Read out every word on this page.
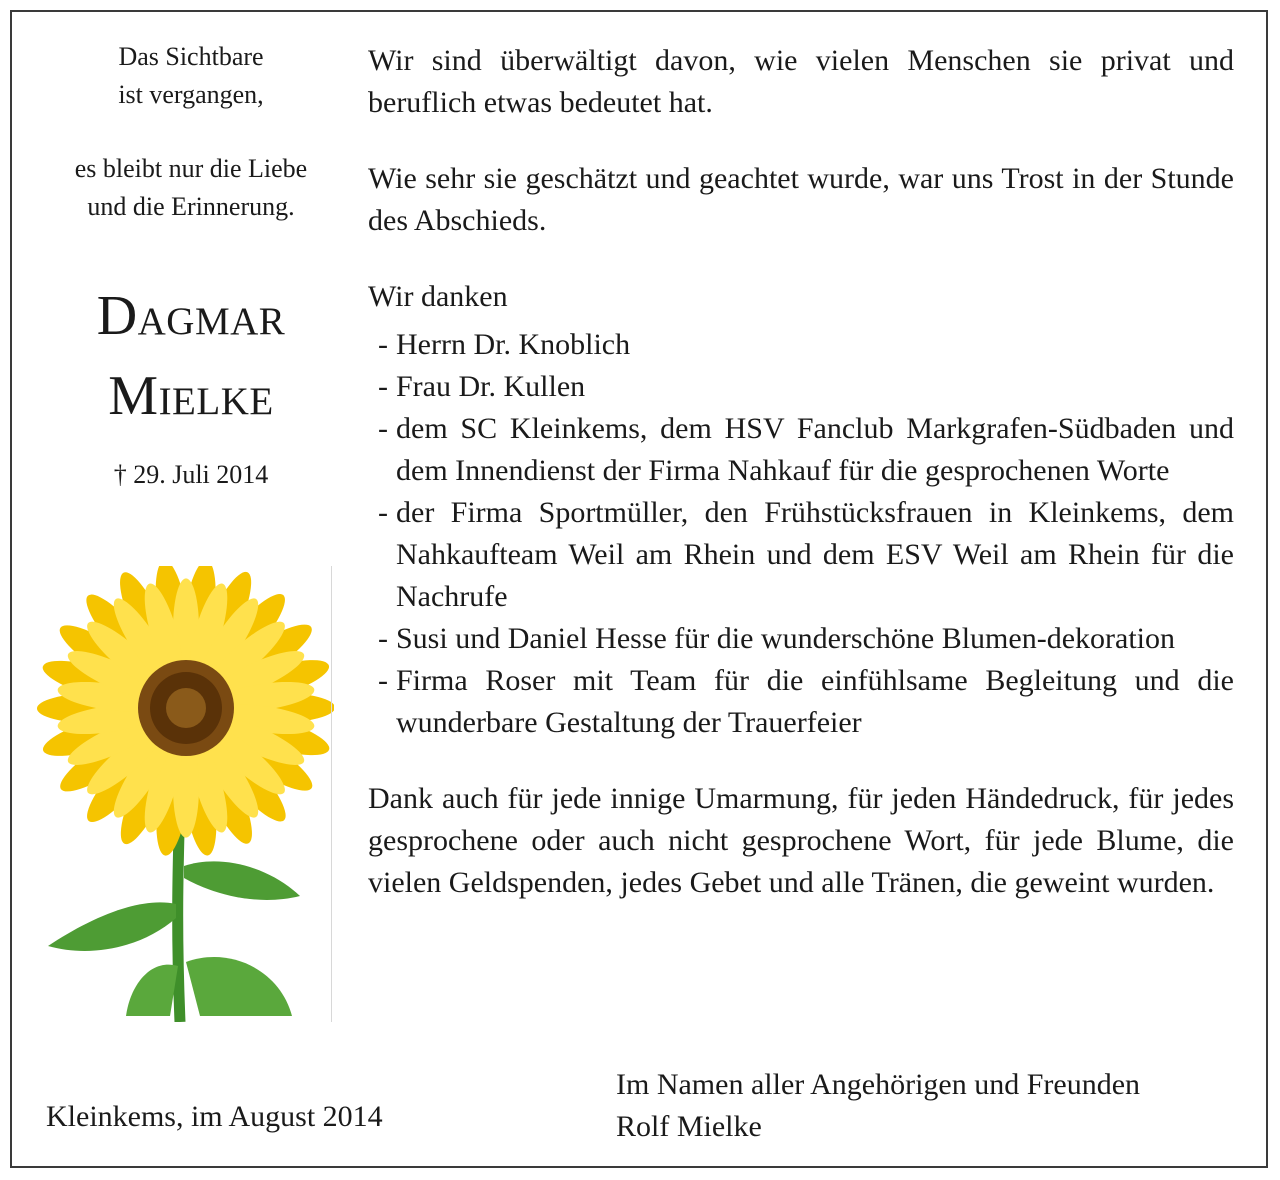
Das Sichtbare
ist vergangen,

es bleibt nur die Liebe
und die Erinnerung.

Dagmar
Mielke
† 29. Juli 2014
Kleinkems, im August 2014

Wir sind überwältigt davon, wie vielen Menschen sie privat und beruflich etwas bedeutet hat.

Wie sehr sie geschätzt und geachtet wurde, war uns Trost in der Stunde des Abschieds.

Wir danken

- Herrn Dr. Knoblich
- Frau Dr. Kullen
- dem SC Kleinkems, dem HSV Fanclub Markgrafen-Südbaden und dem Innendienst der Firma Nahkauf für die gesprochenen Worte
- der Firma Sportmüller, den Frühstücksfrauen in Kleinkems, dem Nahkaufteam Weil am Rhein und dem ESV Weil am Rhein für die Nachrufe
- Susi und Daniel Hesse für die wunderschöne Blumen-dekoration
- Firma Roser mit Team für die einfühlsame Begleitung und die wunderbare Gestaltung der Trauerfeier

Dank auch für jede innige Umarmung, für jeden Händedruck, für jedes gesprochene oder auch nicht gesprochene Wort, für jede Blume, die vielen Geldspenden, jedes Gebet und alle Tränen, die geweint wurden.

Im Namen aller Angehörigen und Freunden
Rolf Mielke
